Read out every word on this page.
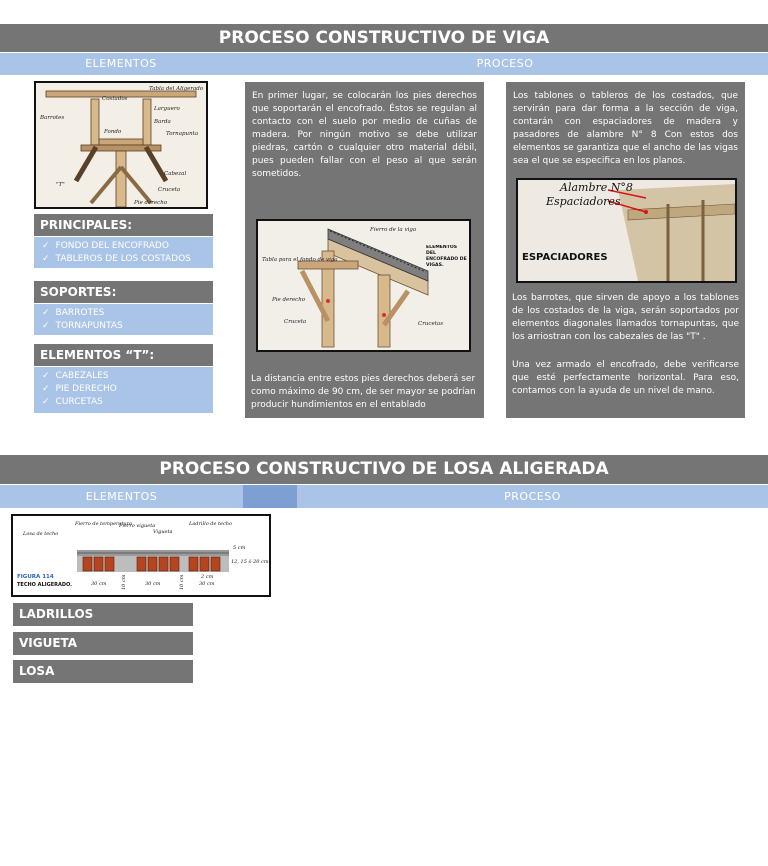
PROCESO CONSTRUCTIVO DE VIGA
ELEMENTOS	PROCESO
Tabla del Aligerado
Costados
Larguero
Barrotes
Barda
Fondo	Tornapunta
Cabezal
"T"
Cruceta
Pie derecho
PRINCIPALES:
✓ FONDO DEL ENCOFRADO
✓ TABLEROS DE LOS COSTADOS
SOPORTES:
✓ BARROTES
✓ TORNAPUNTAS
ELEMENTOS “T”:
✓ CABEZALES
✓ PIE DERECHO
✓ CURCETAS
En primer lugar, se colocarán los pies derechos que soportarán el encofrado. Éstos se regulan al contacto con el suelo por medio de cuñas de madera. Por ningún motivo se debe utilizar piedras, cartón o cualquier otro material débil, pues pueden fallar con el peso al que serán sometidos.
Fierro de la viga
Tabla para el fondo de viga
Pie derecho
Cruceta	Crucetas
ELEMENTOS DEL ENCOFRADO DE VIGAS.
La distancia entre estos pies derechos deberá ser como máximo de 90 cm, de ser mayor se podrían producir hundimientos en el entablado
Los tablones o tableros de los costados, que servirán para dar forma a la sección de viga, contarán con espaciadores de madera y pasadores de alambre N° 8 Con estos dos elementos se garantiza que el ancho de las vigas sea el que se especifica en los planos.
Alambre N°8
Espaciadores
ESPACIADORES
Los barrotes, que sirven de apoyo a los tablones de los costados de la viga, serán soportados por elementos diagonales llamados tornapuntas, que los arriostran con los cabezales de las "T" .
Una vez armado el encofrado, debe verificarse que esté perfectamente horizontal. Para eso, contamos con la ayuda de un nivel de mano.
PROCESO CONSTRUCTIVO DE LOSA ALIGERADA
ELEMENTOS	PROCESO
Losa de techo
Fierro de temperatura
Fierro vigueta
Vigueta
Ladrillo de techo
5 cm
12, 15 ó 20 cm
2 cm
30 cm	30 cm	30 cm
10 cm	10 cm
FIGURA 114
TECHO ALIGERADO.
LADRILLOS
VIGUETA
LOSA
